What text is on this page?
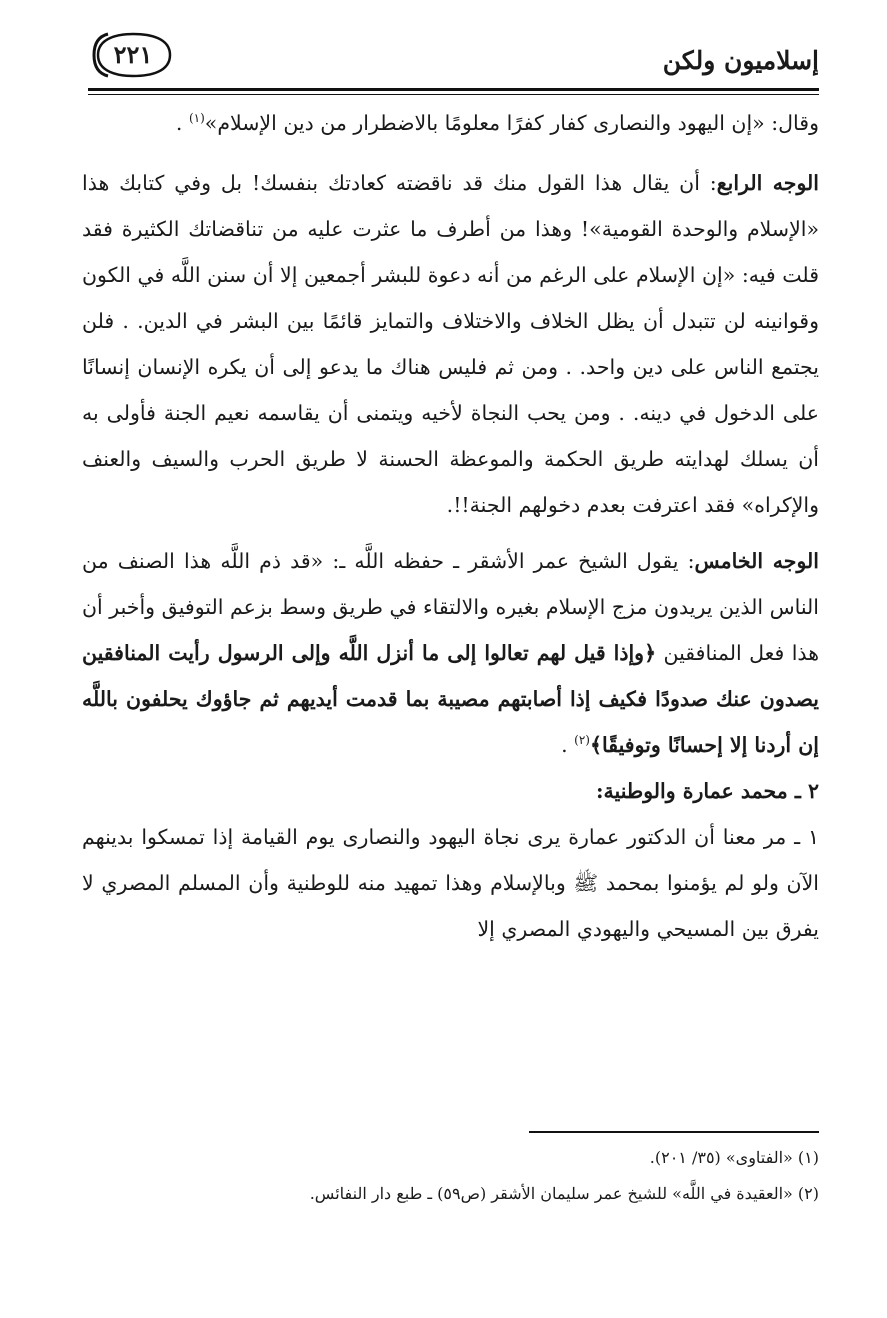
إسلاميون ولكن
٢٢١

وقال: «إن اليهود والنصارى كفار كفرًا معلومًا بالاضطرار من دين الإسلام»$^{(١)}$ .

الوجه الرابع: أن يقال هذا القول منك قد ناقضته كعادتك بنفسك! بل وفي كتابك هذا «الإسلام والوحدة القومية»! وهذا من أطرف ما عثرت عليه من تناقضاتك الكثيرة فقد قلت فيه: «إن الإسلام على الرغم من أنه دعوة للبشر أجمعين إلا أن سنن اللَّه في الكون وقوانينه لن تتبدل أن يظل الخلاف والاختلاف والتمايز قائمًا بين البشر في الدين. . فلن يجتمع الناس على دين واحد. . ومن ثم فليس هناك ما يدعو إلى أن يكره الإنسان إنسانًا على الدخول في دينه. . ومن يحب النجاة لأخيه ويتمنى أن يقاسمه نعيم الجنة فأولى به أن يسلك لهدايته طريق الحكمة والموعظة الحسنة لا طريق الحرب والسيف والعنف والإكراه» فقد اعترفت بعدم دخولهم الجنة!!.

الوجه الخامس: يقول الشيخ عمر الأشقر ـ حفظه اللَّه ـ: «قد ذم اللَّه هذا الصنف من الناس الذين يريدون مزج الإسلام بغيره والالتقاء في طريق وسط بزعم التوفيق وأخبر أن هذا فعل المنافقين ﴿وإذا قيل لهم تعالوا إلى ما أنزل اللَّه وإلى الرسول رأيت المنافقين يصدون عنك صدودًا فكيف إذا أصابتهم مصيبة بما قدمت أيديهم ثم جاؤوك يحلفون باللَّه إن أردنا إلا إحسانًا وتوفيقًا﴾$^{(٢)}$ .

٢ ـ محمد عمارة والوطنية:

١ ـ مر معنا أن الدكتور عمارة يرى نجاة اليهود والنصارى يوم القيامة إذا تمسكوا بدينهم الآن ولو لم يؤمنوا بمحمد ﷺ وبالإسلام وهذا تمهيد منه للوطنية وأن المسلم المصري لا يفرق بين المسيحي واليهودي المصري إلا

(١) «الفتاوى» (٣٥/ ٢٠١).

(٢) «العقيدة في اللَّه» للشيخ عمر سليمان الأشقر (ص٥٩) ـ طبع دار النفائس.
